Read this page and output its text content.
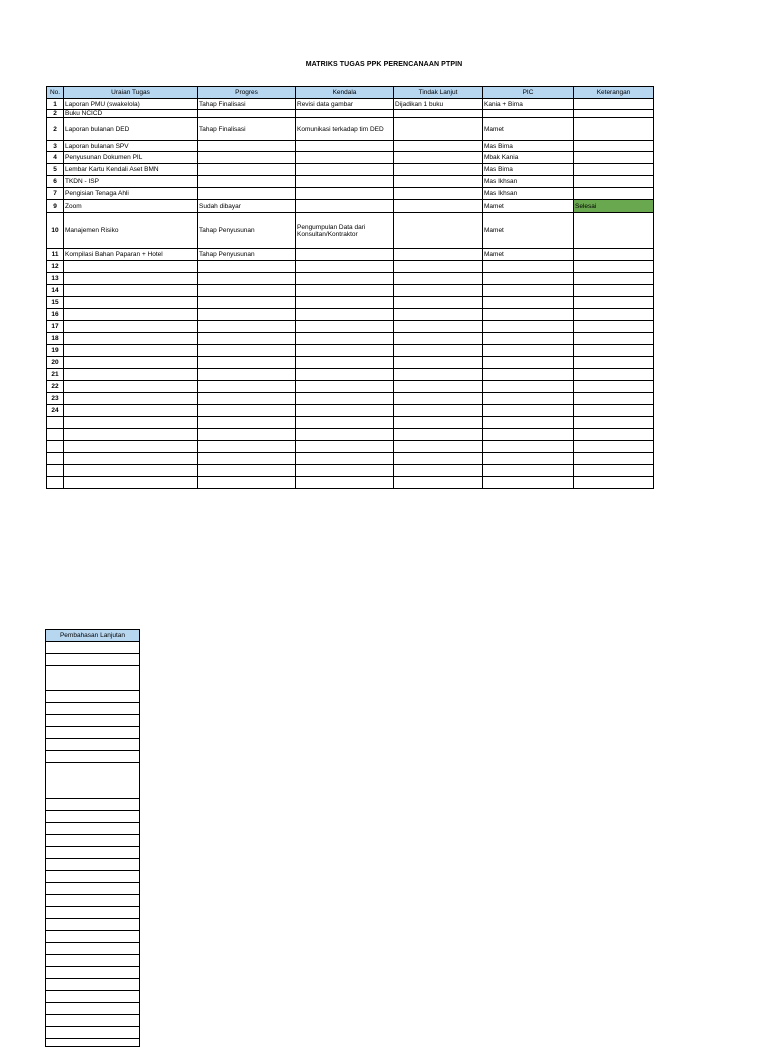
MATRIKS TUGAS PPK PERENCANAAN PTPIN
No.	Uraian Tugas	Progres	Kendala	Tindak Lanjut	PIC	Keterangan
1	Laporan PMU (swakelola)	Tahap Finalisasi	Revisi data gambar	Dijadikan 1 buku	Kania + Bima	
2	Buku NCICD					
2	Laporan bulanan DED	Tahap Finalisasi	Komunikasi terkadap tim DED		Mamet	
3	Laporan bulanan SPV				Mas Bima	
4	Penyusunan Dokumen PIL				Mbak Kania	
5	Lembar Kartu Kendali Aset BMN				Mas Bima	
6	TKDN - ISP				Mas Ikhsan	
7	Pengisian Tenaga Ahli				Mas Ikhsan	
9	Zoom	Sudah dibayar			Mamet	Selesai
10	Manajemen Risiko	Tahap Penyusunan	Pengumpulan Data dari Konsultan/Kontraktor		Mamet	
11	Kompilasi Bahan Paparan + Hotel	Tahap Penyusunan			Mamet	
12						
13						
14						
15						
16						
17						
18						
19						
20						
21						
22						
23						
24						

Pembahasan Lanjutan
